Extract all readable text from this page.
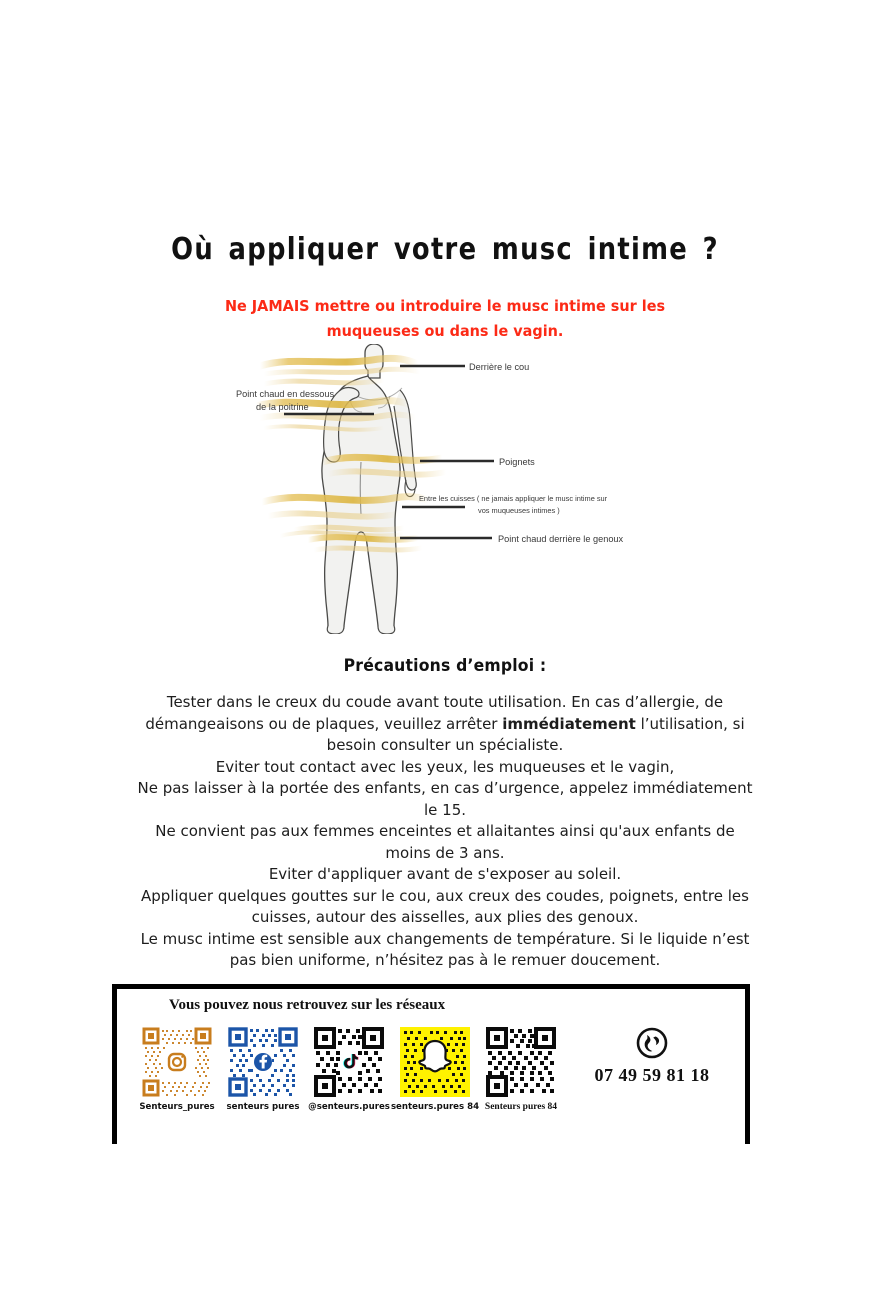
Où appliquer votre musc intime ?
Ne JAMAIS mettre ou introduire le musc intime sur les muqueuses ou dans le vagin.
Derrière le cou
Point chaud en dessous
de la poitrine
Poignets
Entre les cuisses ( ne jamais appliquer le musc intime sur
vos muqueuses intimes )
Point chaud derrière le genoux
Précautions d’emploi :

Tester dans le creux du coude avant toute utilisation. En cas d’allergie, de démangeaisons ou de plaques, veuillez arrêter immédiatement l’utilisation, si besoin consulter un spécialiste.

Eviter tout contact avec les yeux, les muqueuses et le vagin,

Ne pas laisser à la portée des enfants, en cas d’urgence, appelez immédiatement le 15.

Ne convient pas aux femmes enceintes et allaitantes ainsi qu'aux enfants de moins de 3 ans.

Eviter d'appliquer avant de s'exposer au soleil.

Appliquer quelques gouttes sur le cou, aux creux des coudes, poignets, entre les cuisses, autour des aisselles, aux plies des genoux.

Le musc intime est sensible aux changements de température. Si le liquide n’est pas bien uniforme, n’hésitez pas à le remuer doucement.

Vous pouvez nous retrouvez sur les réseaux
Senteurs_pures senteurs pures @senteurs.pures senteurs.pures 84 Senteurs pures 84
07 49 59 81 18
